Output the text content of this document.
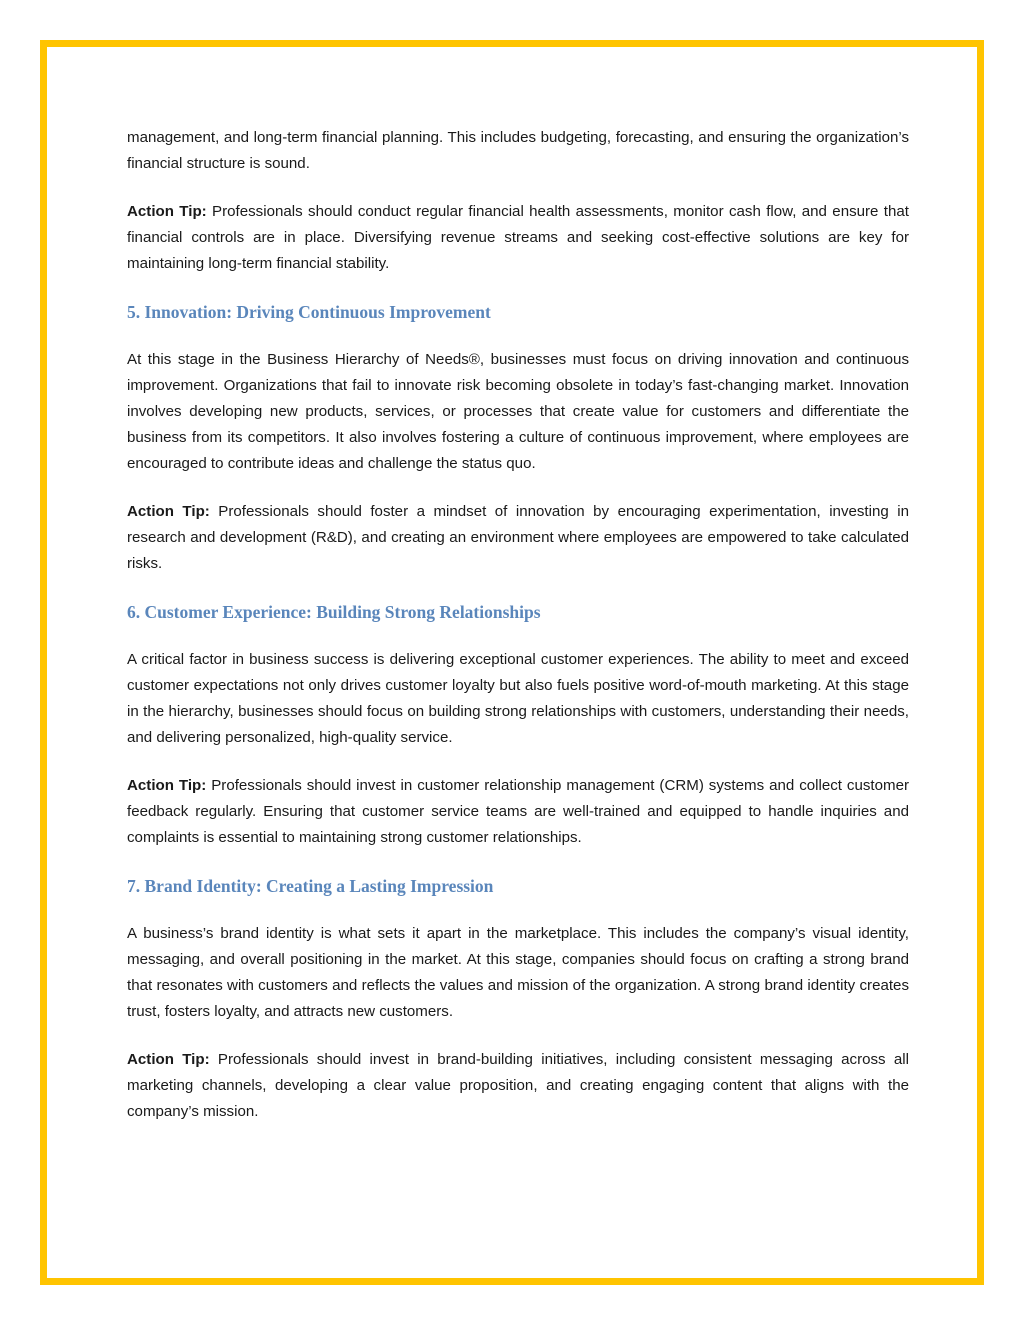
management, and long-term financial planning. This includes budgeting, forecasting, and ensuring the organization’s financial structure is sound.

Action Tip: Professionals should conduct regular financial health assessments, monitor cash flow, and ensure that financial controls are in place. Diversifying revenue streams and seeking cost-effective solutions are key for maintaining long-term financial stability.

5. Innovation: Driving Continuous Improvement

At this stage in the Business Hierarchy of Needs®, businesses must focus on driving innovation and continuous improvement. Organizations that fail to innovate risk becoming obsolete in today’s fast-changing market. Innovation involves developing new products, services, or processes that create value for customers and differentiate the business from its competitors. It also involves fostering a culture of continuous improvement, where employees are encouraged to contribute ideas and challenge the status quo.

Action Tip: Professionals should foster a mindset of innovation by encouraging experimentation, investing in research and development (R&D), and creating an environment where employees are empowered to take calculated risks.

6. Customer Experience: Building Strong Relationships

A critical factor in business success is delivering exceptional customer experiences. The ability to meet and exceed customer expectations not only drives customer loyalty but also fuels positive word-of-mouth marketing. At this stage in the hierarchy, businesses should focus on building strong relationships with customers, understanding their needs, and delivering personalized, high-quality service.

Action Tip: Professionals should invest in customer relationship management (CRM) systems and collect customer feedback regularly. Ensuring that customer service teams are well-trained and equipped to handle inquiries and complaints is essential to maintaining strong customer relationships.

7. Brand Identity: Creating a Lasting Impression

A business’s brand identity is what sets it apart in the marketplace. This includes the company’s visual identity, messaging, and overall positioning in the market. At this stage, companies should focus on crafting a strong brand that resonates with customers and reflects the values and mission of the organization. A strong brand identity creates trust, fosters loyalty, and attracts new customers.

Action Tip: Professionals should invest in brand-building initiatives, including consistent messaging across all marketing channels, developing a clear value proposition, and creating engaging content that aligns with the company’s mission.
